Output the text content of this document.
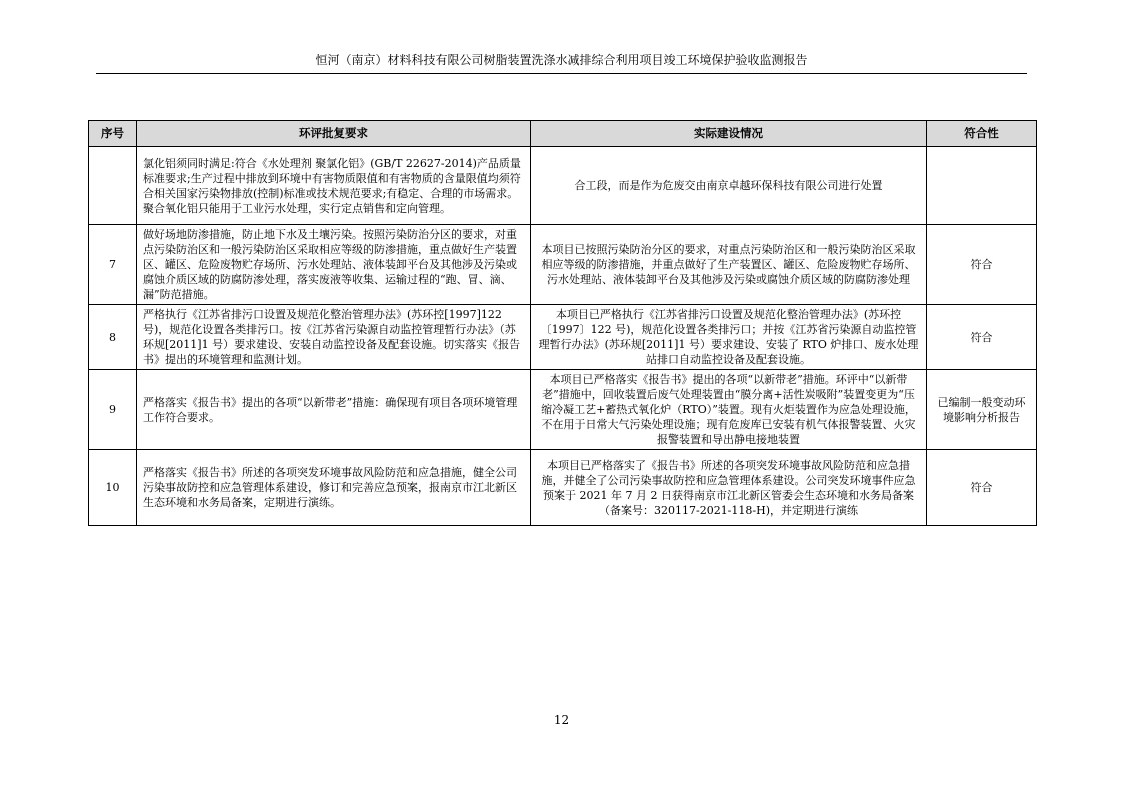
恒河（南京）材料科技有限公司树脂装置洗涤水减排综合利用项目竣工环境保护验收监测报告
序号	环评批复要求	实际建设情况	符合性
	氯化铝须同时满足:符合《水处理剂 聚氯化铝》(GB/T 22627-2014)产品质量标准要求;生产过程中排放到环境中有害物质限值和有害物质的含量限值均须符合相关国家污染物排放(控制)标准或技术规范要求;有稳定、合理的市场需求。聚合氧化铝只能用于工业污水处理，实行定点销售和定向管理。	合工段，而是作为危废交由南京卓越环保科技有限公司进行处置	
7	做好场地防渗措施，防止地下水及土壤污染。按照污染防治分区的要求，对重点污染防治区和一般污染防治区采取相应等级的防渗措施，重点做好生产装置区、罐区、危险废物贮存场所、污水处理站、液体装卸平台及其他涉及污染或腐蚀介质区域的防腐防渗处理，落实废液等收集、运输过程的“跑、冒、滴、漏”防范措施。	本项目已按照污染防治分区的要求，对重点污染防治区和一般污染防治区采取相应等级的防渗措施，并重点做好了生产装置区、罐区、危险废物贮存场所、污水处理站、液体装卸平台及其他涉及污染或腐蚀介质区域的防腐防渗处理	符合
8	严格执行《江苏省排污口设置及规范化整治管理办法》(苏环控[1997]122号)，规范化设置各类排污口。按《江苏省污染源自动监控管理暂行办法》（苏环规[2011]1 号）要求建设、安装自动监控设备及配套设施。切实落实《报告书》提出的环境管理和监测计划。	本项目已严格执行《江苏省排污口设置及规范化整治管理办法》(苏环控〔1997〕122 号)，规范化设置各类排污口；并按《江苏省污染源自动监控管理暂行办法》(苏环规[2011]1 号）要求建设、安装了 RTO 炉排口、废水处理站排口自动监控设备及配套设施。	符合
9	严格落实《报告书》提出的各项“以新带老”措施：确保现有项目各项环境管理工作符合要求。	本项目已严格落实《报告书》提出的各项“以新带老”措施。环评中“以新带老”措施中，回收装置后废气处理装置由“膜分离+活性炭吸附”装置变更为“压缩冷凝工艺+蓄热式氧化炉（RTO）”装置。现有火炬装置作为应急处理设施，不在用于日常大气污染处理设施；现有危废库已安装有机气体报警装置、火灾报警装置和导出静电接地装置	已编制一般变动环境影响分析报告
10	严格落实《报告书》所述的各项突发环境事故风险防范和应急措施，健全公司污染事故防控和应急管理体系建设，修订和完善应急预案，报南京市江北新区生态环境和水务局备案，定期进行演练。	本项目已严格落实了《报告书》所述的各项突发环境事故风险防范和应急措施，并健全了公司污染事故防控和应急管理体系建设。公司突发环境事件应急预案于 2021 年 7 月 2 日获得南京市江北新区管委会生态环境和水务局备案（备案号：320117-2021-118-H)，并定期进行演练	符合
12
